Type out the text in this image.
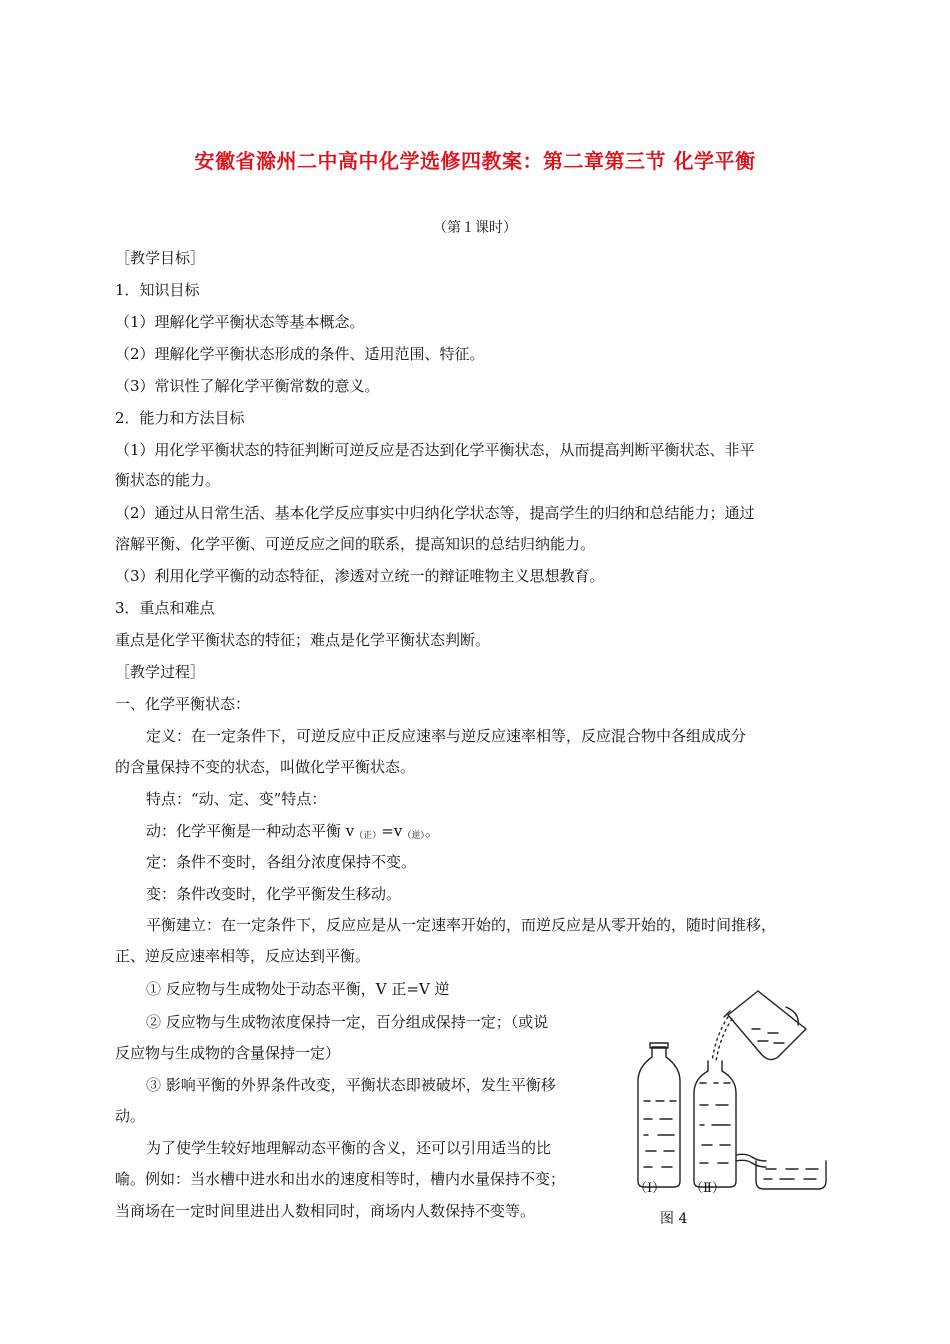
安徽省滁州二中高中化学选修四教案：第二章第三节 化学平衡
（第１课时）
［教学目标］
1．知识目标
（1）理解化学平衡状态等基本概念。
（2）理解化学平衡状态形成的条件、适用范围、特征。
（3）常识性了解化学平衡常数的意义。
2．能力和方法目标
（1）用化学平衡状态的特征判断可逆反应是否达到化学平衡状态，从而提高判断平衡状态、非平
衡状态的能力。
（2）通过从日常生活、基本化学反应事实中归纳化学状态等，提高学生的归纳和总结能力；通过
溶解平衡、化学平衡、可逆反应之间的联系，提高知识的总结归纳能力。
（3）利用化学平衡的动态特征，渗透对立统一的辩证唯物主义思想教育。
3．重点和难点
重点是化学平衡状态的特征；难点是化学平衡状态判断。
［教学过程］
一、化学平衡状态：
定义：在一定条件下，可逆反应中正反应速率与逆反应速率相等，反应混合物中各组成成分
的含量保持不变的状态，叫做化学平衡状态。
特点：“动、定、变”特点：
动：化学平衡是一种动态平衡 $v_{(正)}=v_{(逆)}$。
定：条件不变时，各组分浓度保持不变。
变：条件改变时，化学平衡发生移动。
平衡建立：在一定条件下，反应应是从一定速率开始的，而逆反应是从零开始的，随时间推移，
正、逆反应速率相等，反应达到平衡。
① 反应物与生成物处于动态平衡，V 正=V 逆
② 反应物与生成物浓度保持一定，百分组成保持一定；（或说
反应物与生成物的含量保持一定）
③ 影响平衡的外界条件改变，平衡状态即被破坏，发生平衡移
动。
为了使学生较好地理解动态平衡的含义，还可以引用适当的比
喻。例如：当水槽中进水和出水的速度相等时，槽内水量保持不变；
当商场在一定时间里进出人数相同时，商场内人数保持不变等。
（Ⅰ） （Ⅱ）
图 4
